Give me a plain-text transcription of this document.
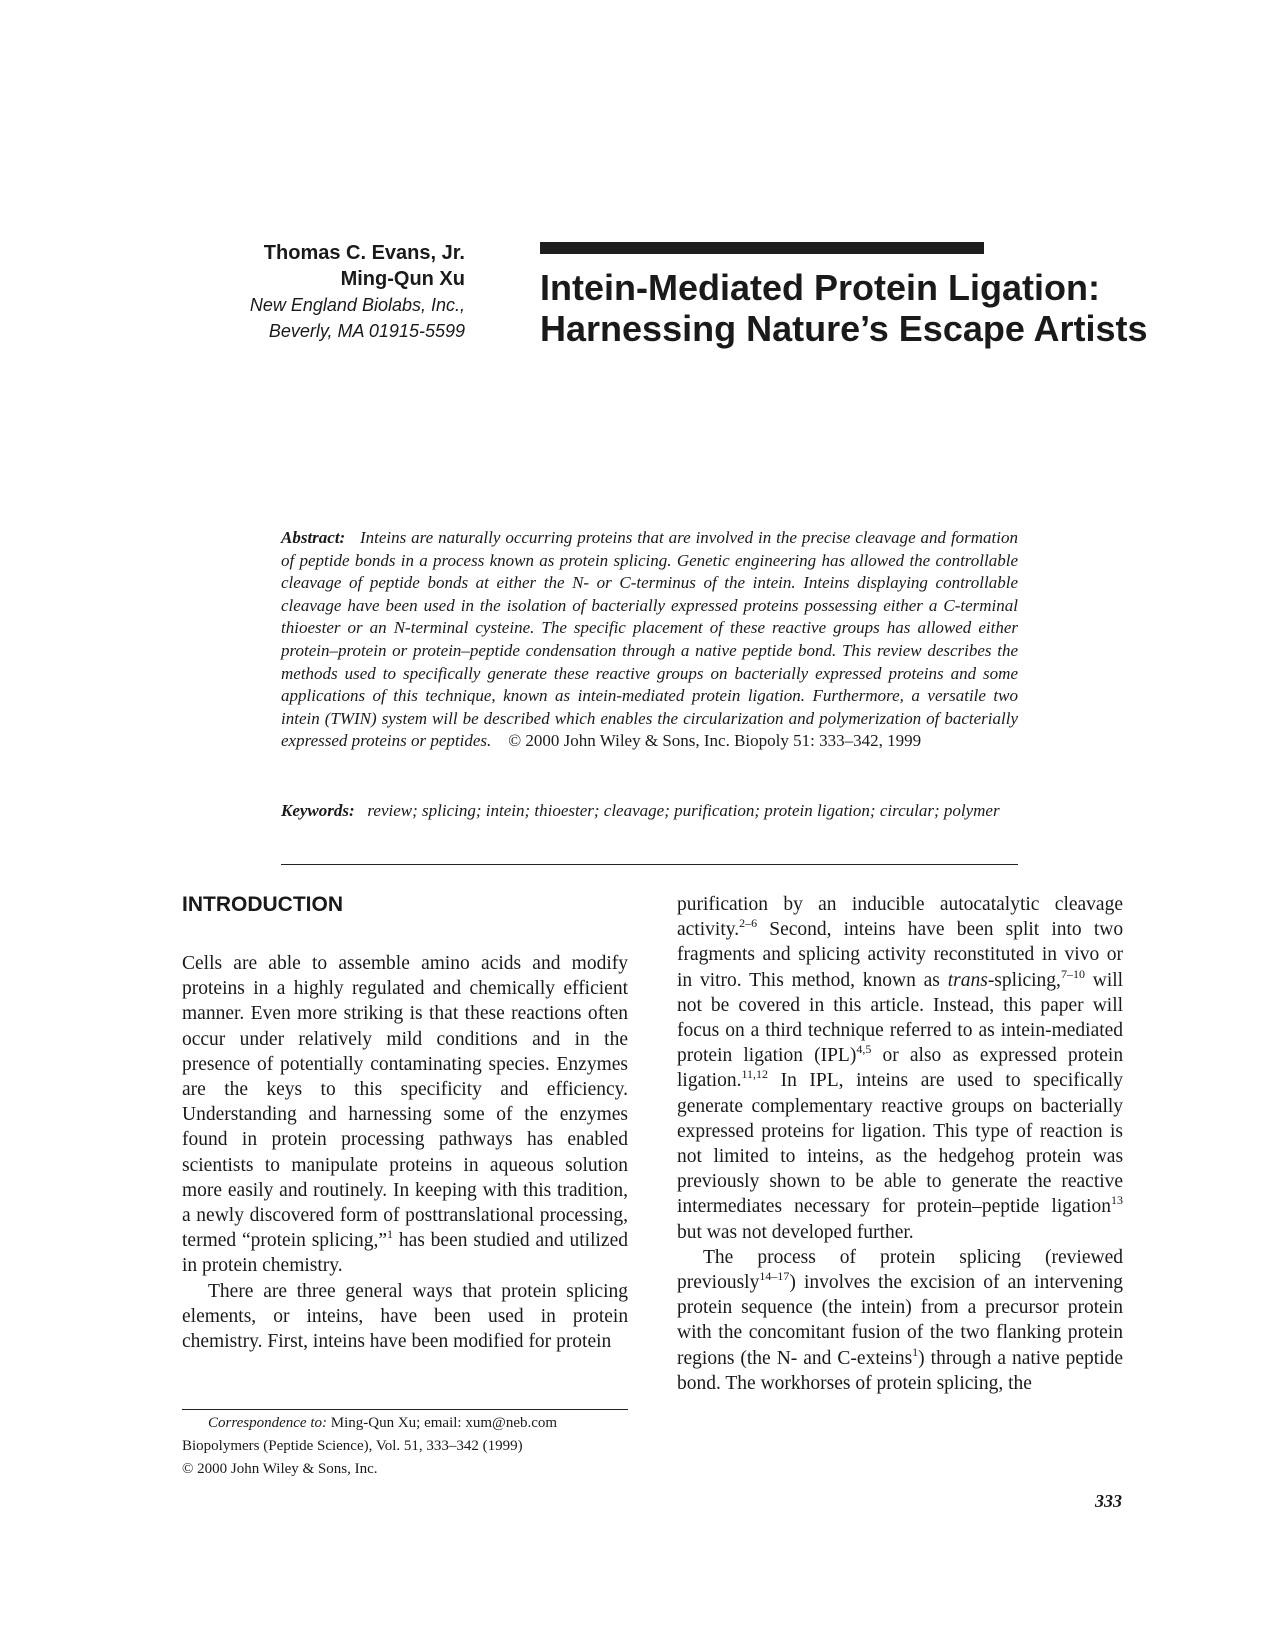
Thomas C. Evans, Jr.
Ming-Qun Xu
New England Biolabs, Inc.,
Beverly, MA 01915-5599
Intein-Mediated Protein Ligation: Harnessing Nature’s Escape Artists

Abstract: Inteins are naturally occurring proteins that are involved in the precise cleavage and formation of peptide bonds in a process known as protein splicing. Genetic engineering has allowed the controllable cleavage of peptide bonds at either the N- or C-terminus of the intein. Inteins displaying controllable cleavage have been used in the isolation of bacterially expressed proteins possessing either a C-terminal thioester or an N-terminal cysteine. The specific placement of these reactive groups has allowed either protein–protein or protein–peptide condensation through a native peptide bond. This review describes the methods used to specifically generate these reactive groups on bacterially expressed proteins and some applications of this technique, known as intein-mediated protein ligation. Furthermore, a versatile two intein (TWIN) system will be described which enables the circularization and polymerization of bacterially expressed proteins or peptides. © 2000 John Wiley & Sons, Inc. Biopoly 51: 333–342, 1999

Keywords: review; splicing; intein; thioester; cleavage; purification; protein ligation; circular; polymer

INTRODUCTION

Cells are able to assemble amino acids and modify proteins in a highly regulated and chemically efficient manner. Even more striking is that these reactions often occur under relatively mild conditions and in the presence of potentially contaminating species. Enzymes are the keys to this specificity and efficiency. Understanding and harnessing some of the enzymes found in protein processing pathways has enabled scientists to manipulate proteins in aqueous solution more easily and routinely. In keeping with this tradition, a newly discovered form of posttranslational processing, termed “protein splicing,”$^1$ has been studied and utilized in protein chemistry.

There are three general ways that protein splicing elements, or inteins, have been used in protein chemistry. First, inteins have been modified for protein

purification by an inducible autocatalytic cleavage activity.$^{2-6}$ Second, inteins have been split into two fragments and splicing activity reconstituted in vivo or in vitro. This method, known as trans-splicing,$^{7-10}$ will not be covered in this article. Instead, this paper will focus on a third technique referred to as intein-mediated protein ligation (IPL)$^{4,5}$ or also as expressed protein ligation.$^{11,12}$ In IPL, inteins are used to specifically generate complementary reactive groups on bacterially expressed proteins for ligation. This type of reaction is not limited to inteins, as the hedgehog protein was previously shown to be able to generate the reactive intermediates necessary for protein–peptide ligation$^{13}$ but was not developed further.

The process of protein splicing (reviewed previously$^{14-17}$) involves the excision of an intervening protein sequence (the intein) from a precursor protein with the concomitant fusion of the two flanking protein regions (the N- and C-exteins$^1$) through a native peptide bond. The workhorses of protein splicing, the

Correspondence to: Ming-Qun Xu; email: xum@neb.com
Biopolymers (Peptide Science), Vol. 51, 333–342 (1999)
© 2000 John Wiley & Sons, Inc.
333
